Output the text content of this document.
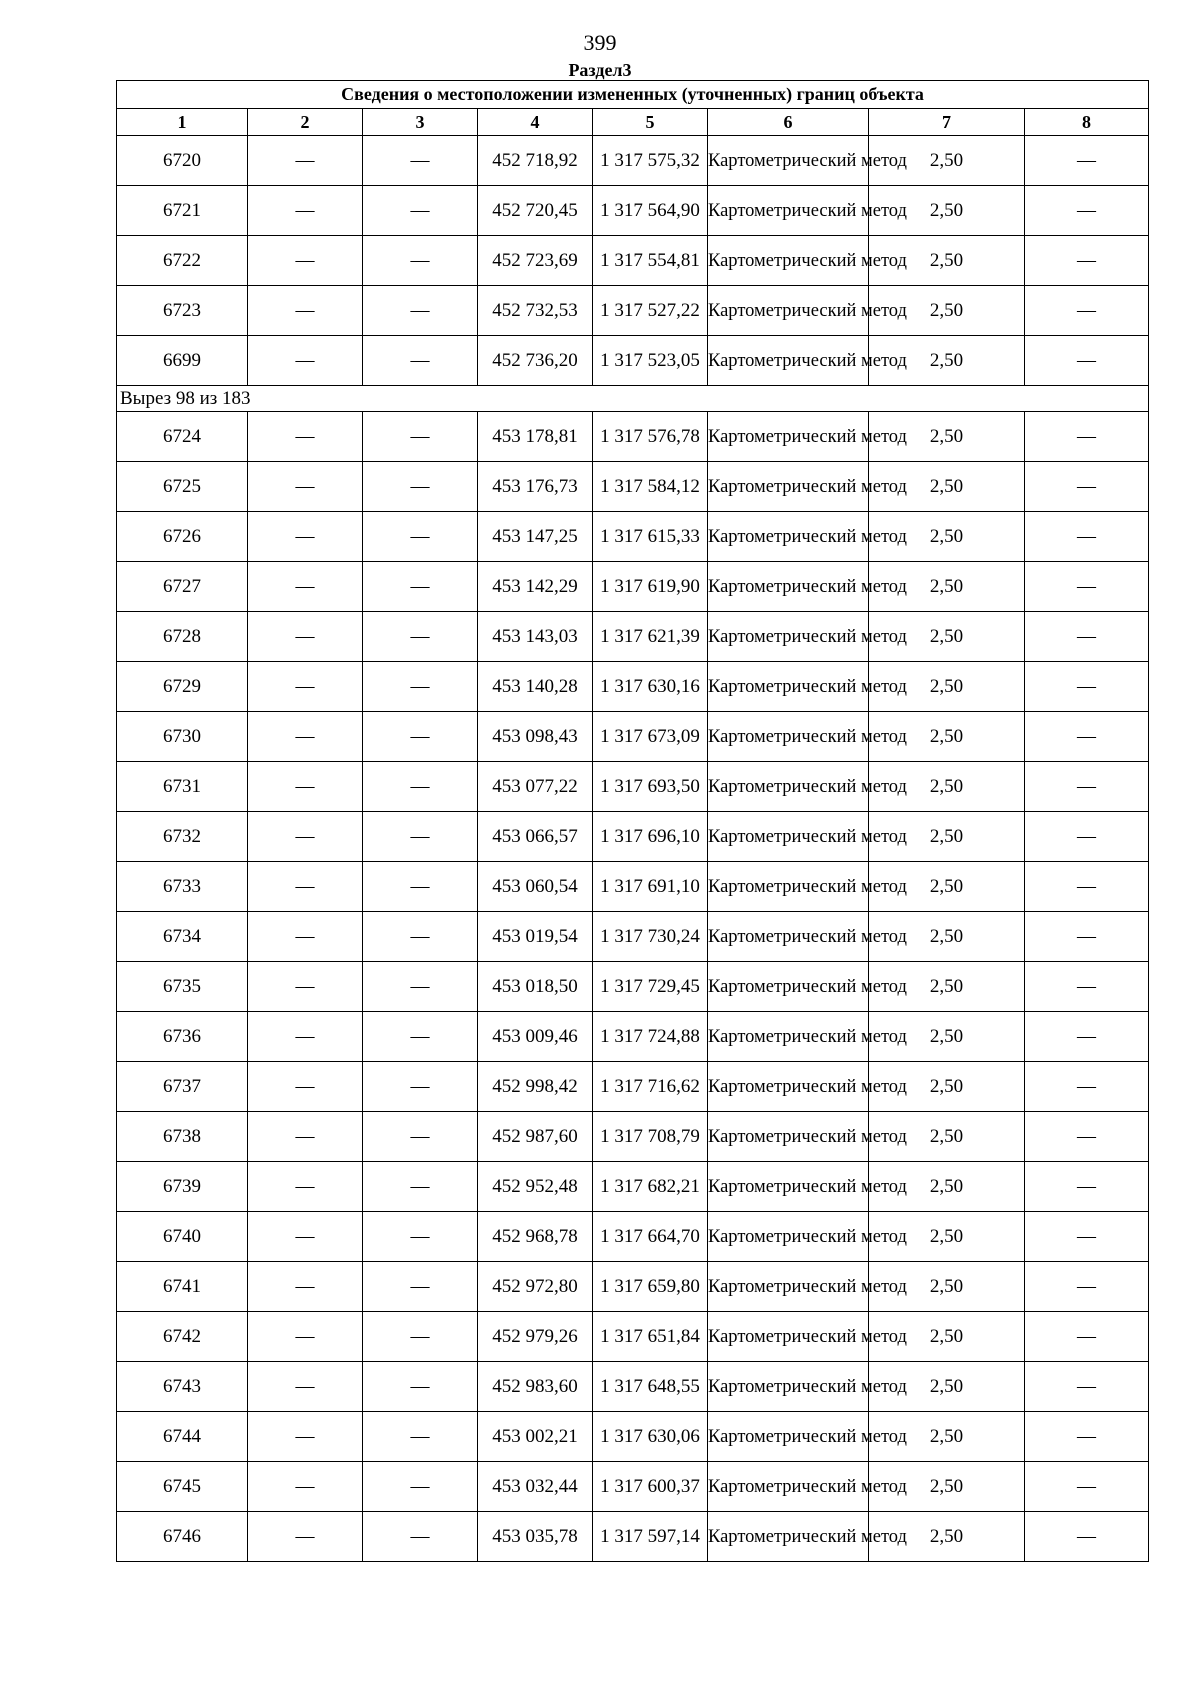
399
Раздел3
Сведения о местоположении измененных (уточненных) границ объекта							
1	2	3	4	5	6	7	8
6720	—	—	452 718,92	1 317 575,32	Картометрический метод	2,50	—
6721	—	—	452 720,45	1 317 564,90	Картометрический метод	2,50	—
6722	—	—	452 723,69	1 317 554,81	Картометрический метод	2,50	—
6723	—	—	452 732,53	1 317 527,22	Картометрический метод	2,50	—
6699	—	—	452 736,20	1 317 523,05	Картометрический метод	2,50	—
Вырез 98 из 183							
6724	—	—	453 178,81	1 317 576,78	Картометрический метод	2,50	—
6725	—	—	453 176,73	1 317 584,12	Картометрический метод	2,50	—
6726	—	—	453 147,25	1 317 615,33	Картометрический метод	2,50	—
6727	—	—	453 142,29	1 317 619,90	Картометрический метод	2,50	—
6728	—	—	453 143,03	1 317 621,39	Картометрический метод	2,50	—
6729	—	—	453 140,28	1 317 630,16	Картометрический метод	2,50	—
6730	—	—	453 098,43	1 317 673,09	Картометрический метод	2,50	—
6731	—	—	453 077,22	1 317 693,50	Картометрический метод	2,50	—
6732	—	—	453 066,57	1 317 696,10	Картометрический метод	2,50	—
6733	—	—	453 060,54	1 317 691,10	Картометрический метод	2,50	—
6734	—	—	453 019,54	1 317 730,24	Картометрический метод	2,50	—
6735	—	—	453 018,50	1 317 729,45	Картометрический метод	2,50	—
6736	—	—	453 009,46	1 317 724,88	Картометрический метод	2,50	—
6737	—	—	452 998,42	1 317 716,62	Картометрический метод	2,50	—
6738	—	—	452 987,60	1 317 708,79	Картометрический метод	2,50	—
6739	—	—	452 952,48	1 317 682,21	Картометрический метод	2,50	—
6740	—	—	452 968,78	1 317 664,70	Картометрический метод	2,50	—
6741	—	—	452 972,80	1 317 659,80	Картометрический метод	2,50	—
6742	—	—	452 979,26	1 317 651,84	Картометрический метод	2,50	—
6743	—	—	452 983,60	1 317 648,55	Картометрический метод	2,50	—
6744	—	—	453 002,21	1 317 630,06	Картометрический метод	2,50	—
6745	—	—	453 032,44	1 317 600,37	Картометрический метод	2,50	—
6746	—	—	453 035,78	1 317 597,14	Картометрический метод	2,50	—
